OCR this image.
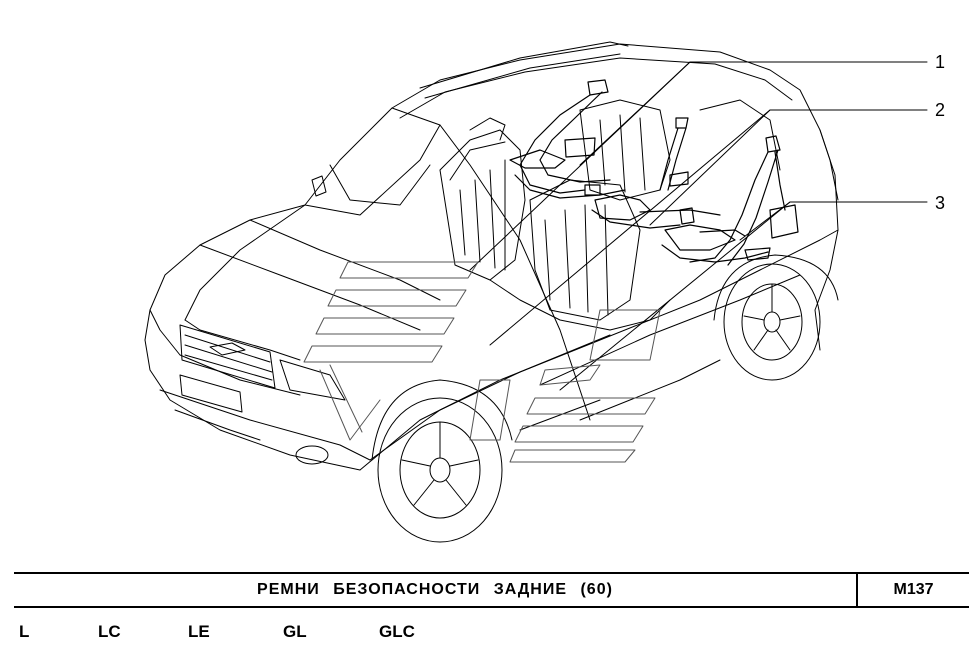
1
2
3
РЕМНИ БЕЗОПАСНОСТИ ЗАДНИЕ (60)	M137
L	LC	LE	GL	GLC
